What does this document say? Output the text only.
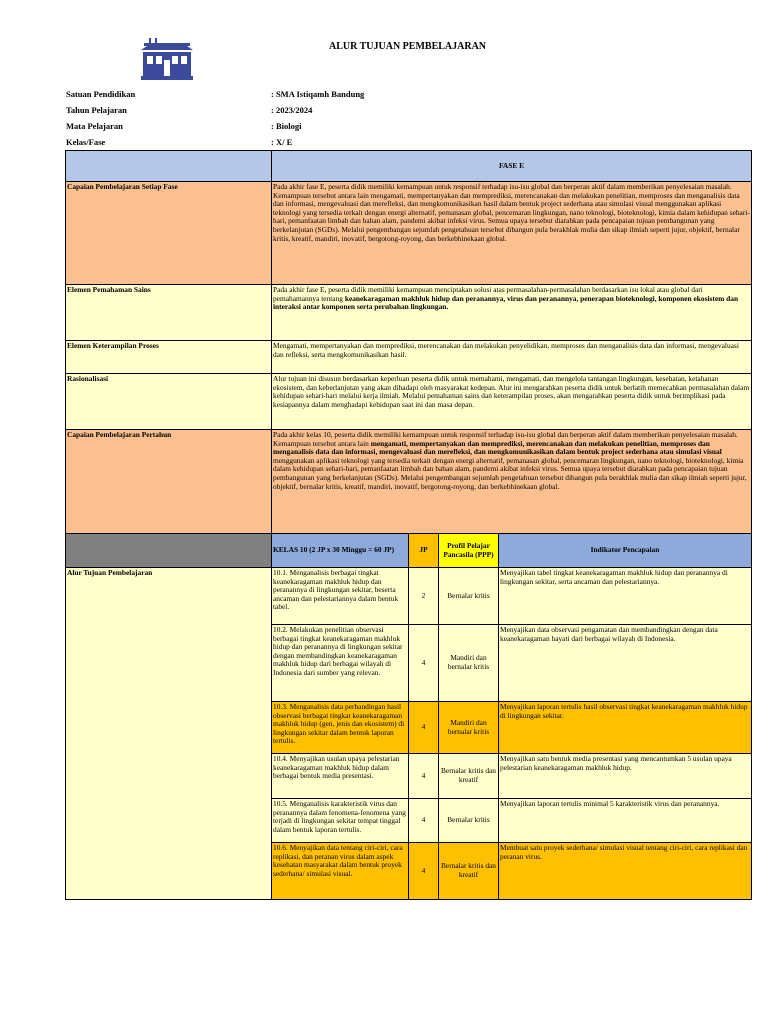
ALUR TUJUAN PEMBELAJARAN
Satuan Pendidikan	: SMA Istiqamh Bandung
Tahun Pelajaran	: 2023/2024
Mata Pelajaran	: Biologi
Kelas/Fase	: X/ E
	FASE E			
Capaian Pembelajaran Setiap Fase	Pada akhir fase E, peserta didik memiliki kemampuan untuk responsif terhadap isu-isu global dan berperan aktif dalam memberikan penyelesaian masalah. Kemampuan tersebut antara lain mengamati, mempertanyakan dan memprediksi, merencanakan dan melakukan penelitian, memproses dan menganalisis data dan informasi, mengevaluasi dan merefleksi, dan mengkomunikasikan hasil dalam bentuk project sederhana atau simulasi visual menggunakan aplikasi teknologi yang tersedia terkait dengan energi alternatif, pemanasan global, pencemaran lingkungan, nano teknologi, bioteknologi, kimia dalam kehidupan sehari-hari, pemanfaatan limbah dan bahan alam, pandemi akibat infeksi virus. Semua upaya tersebut diarahkan pada pencapaian tujuan pembangunan yang berkelanjutan (SGDs). Melalui pengembangan sejumlah pengetahuan tersebut dibangun pula berakhlak mulia dan sikap ilmiah seperti jujur, objektif, bernalar kritis, kreatif, mandiri, inovatif, bergotong-royong, dan berkebhinekaan global.			
Elemen Pemahaman Sains	Pada akhir fase E, peserta didik memiliki kemampuan menciptakan solusi atas permasalahan-permasalahan berdasarkan isu lokal atau global dari pemahamannya tentang keanekaragaman makhluk hidup dan peranannya, virus dan peranannya, penerapan bioteknologi, komponen ekosistem dan interaksi antar komponen serta perubahan lingkungan.			
Elemen Keterampilan Proses	Mengamati, mempertanyakan dan memprediksi, merencanakan dan melakukan penyelidikan, memproses dan menganalisis data dan informasi, mengevaluasi dan refleksi, serta mengkomunikasikan hasil.			
Rasionalisasi	Alur tujuan ini disusun berdasarkan keperluan peserta didik untuk memahami, mengamati, dan mengelola tantangan lingkungan, kesehatan, ketahanan ekosistem, dan keberlanjutan yang akan dihadapi oleh masyarakat kedepan. Alur ini mengarahkan peserta didik untuk berlatih memecahkan permasalahan dalam kehidupan sehari-hari melalui kerja ilmiah. Melalui pemahaman sains dan keterampilan proses, akan mengarahkan peserta didik untuk berimplikasi pada kesiapannya dalam menghadapi kehidupan saat ini dan masa depan.			
Capaian Pembelajaran Pertahun	Pada akhir kelas 10, peserta didik memiliki kemampuan untuk responsif terhadap isu-isu global dan berperan aktif dalam memberikan penyelesaian masalah. Kemampuan tersebut antara lain mengamati, mempertanyakan dan memprediksi, merencanakan dan melakukan penelitian, memproses dan menganalisis data dan informasi, mengevaluasi dan merefleksi, dan mengkomunikasikan dalam bentuk project sederhana atau simulasi visual menggunakan aplikasi teknologi yang tersedia terkait dengan energi alternatif, pemanasan global, pencemaran lingkungan, nano teknologi, bioteknologi, kimia dalam kehidupan sehari-hari, pemanfaatan limbah dan bahan alam, pandemi akibat infeksi virus. Semua upaya tersebut diarahkan pada pencapaian tujuan pembangunan yang berkelanjutan (SGDs). Melalui pengembangan sejumlah pengetahuan tersebut dibangun pula berakhlak mulia dan sikap ilmiah seperti jujur, objektif, bernalar kritis, kreatif, mandiri, inovatif, bergotong-royong, dan berkebhinekaan global.			
	KELAS 10 (2 JP x 30 Minggu = 60 JP)	JP	Profil Pelajar Pancasila (PPP)	Indikator Pencapaian
Alur Tujuan Pembelajaran	10.1. Menganalisis berbagai tingkat keanekaragaman makhluk hidup dan peranannya di lingkungan sekitar, beserta ancaman dan pelestariannya dalam bentuk tabel.	2	Bernalar kritis	Menyajikan tabel tingkat keanekaragaman makhluk hidup dan peranannya di lingkungan sekitar, serta ancaman dan pelestariannya.
	10.2. Melakukan penelitian observasi berbagai tingkat keanekaragaman makhluk hidup dan peranannya di lingkungan sekitar dengan membandingkan keanekaragaman makhluk hidup dari berbagai wilayah di Indonesia dari sumber yang relevan.	4	Mandiri dan bernalar kritis	Menyajikan data observasi pengamatan dan membandingkan dengan data keanekaragaman hayati dari berbagai wilayah di Indonesia.
	10.3. Menganalisis data perbandingan hasil observasi berbagai tingkat keanekaragaman makhluk hidup (gen, jenis dan ekosistem) di lingkungan sekitar dalam bentuk laporan tertulis.	4	Mandiri dan bernalar kritis	Menyajikan laporan tertulis hasil observasi tingkat keanekaragaman makhluk hidup di lingkungan sekitar.
	10.4. Menyajikan usulan upaya pelestarian keanekaragaman makhluk hidup dalam berbagai bentuk media presentasi.	4	Bernalar kritis dan kreatif	Menyajikan satu bentuk media presentasi yang mencantumkan 5 usulan upaya pelestarian keanekaragaman makhluk hidup.
	10.5. Menganalisis karakteristik virus dan peranannya dalam fenomena-fenomena yang terjadi di lingkungan sekitar tempat tinggal dalam bentuk laporan tertulis.	4	Bernalar kritis	Menyajikan laporan tertulis minimal 5 karakteristik virus dan peranannya.
	10.6. Menyajikan data tentang ciri-ciri, cara replikasi, dan peranan virus dalam aspek kesehatan masyarakat dalam bentuk proyek sederhana/ simulasi visual.	4	Bernalar kritis dan kreatif	Membuat satu proyek sederhana/ simulasi visual tentang ciri-ciri, cara replikasi dan peranan virus.
